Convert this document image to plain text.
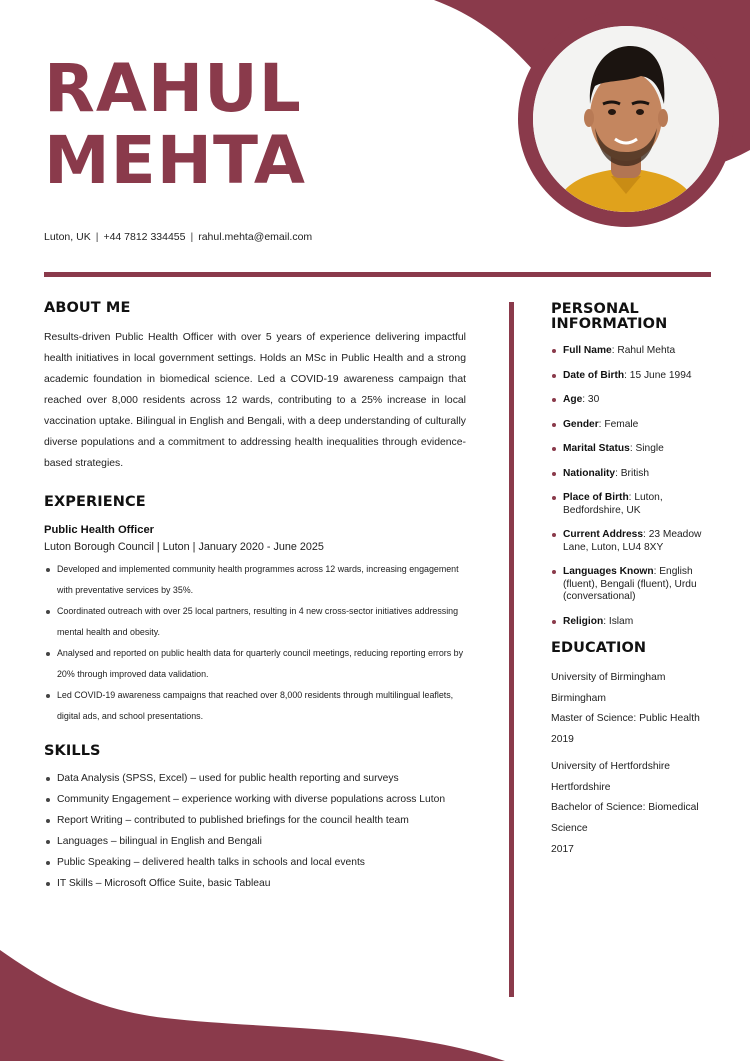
RAHUL
MEHTA
Luton, UK | +44 7812 334455 | rahul.mehta@email.com
ABOUT ME

Results-driven Public Health Officer with over 5 years of experience delivering impactful health initiatives in local government settings. Holds an MSc in Public Health and a strong academic foundation in biomedical science. Led a COVID-19 awareness campaign that reached over 8,000 residents across 12 wards, contributing to a 25% increase in local vaccination uptake. Bilingual in English and Bengali, with a deep understanding of culturally diverse populations and a commitment to addressing health inequalities through evidence-based strategies.

EXPERIENCE
Public Health Officer
Luton Borough Council | Luton | January 2020 - June 2025
Developed and implemented community health programmes across 12 wards, increasing engagement with preventative services by 35%.
Coordinated outreach with over 25 local partners, resulting in 4 new cross-sector initiatives addressing mental health and obesity.
Analysed and reported on public health data for quarterly council meetings, reducing reporting errors by 20% through improved data validation.
Led COVID-19 awareness campaigns that reached over 8,000 residents through multilingual leaflets, digital ads, and school presentations.
SKILLS
Data Analysis (SPSS, Excel) – used for public health reporting and surveys
Community Engagement – experience working with diverse populations across Luton
Report Writing – contributed to published briefings for the council health team
Languages – bilingual in English and Bengali
Public Speaking – delivered health talks in schools and local events
IT Skills – Microsoft Office Suite, basic Tableau
PERSONAL
INFORMATION
Full Name: Rahul Mehta
Date of Birth: 15 June 1994
Age: 30
Gender: Female
Marital Status: Single
Nationality: British
Place of Birth: Luton, Bedfordshire, UK
Current Address: 23 Meadow Lane, Luton, LU4 8XY
Languages Known: English (fluent), Bengali (fluent), Urdu (conversational)
Religion: Islam
EDUCATION
University of Birmingham
Birmingham
Master of Science: Public Health
2019
University of Hertfordshire
Hertfordshire
Bachelor of Science: Biomedical Science
2017
